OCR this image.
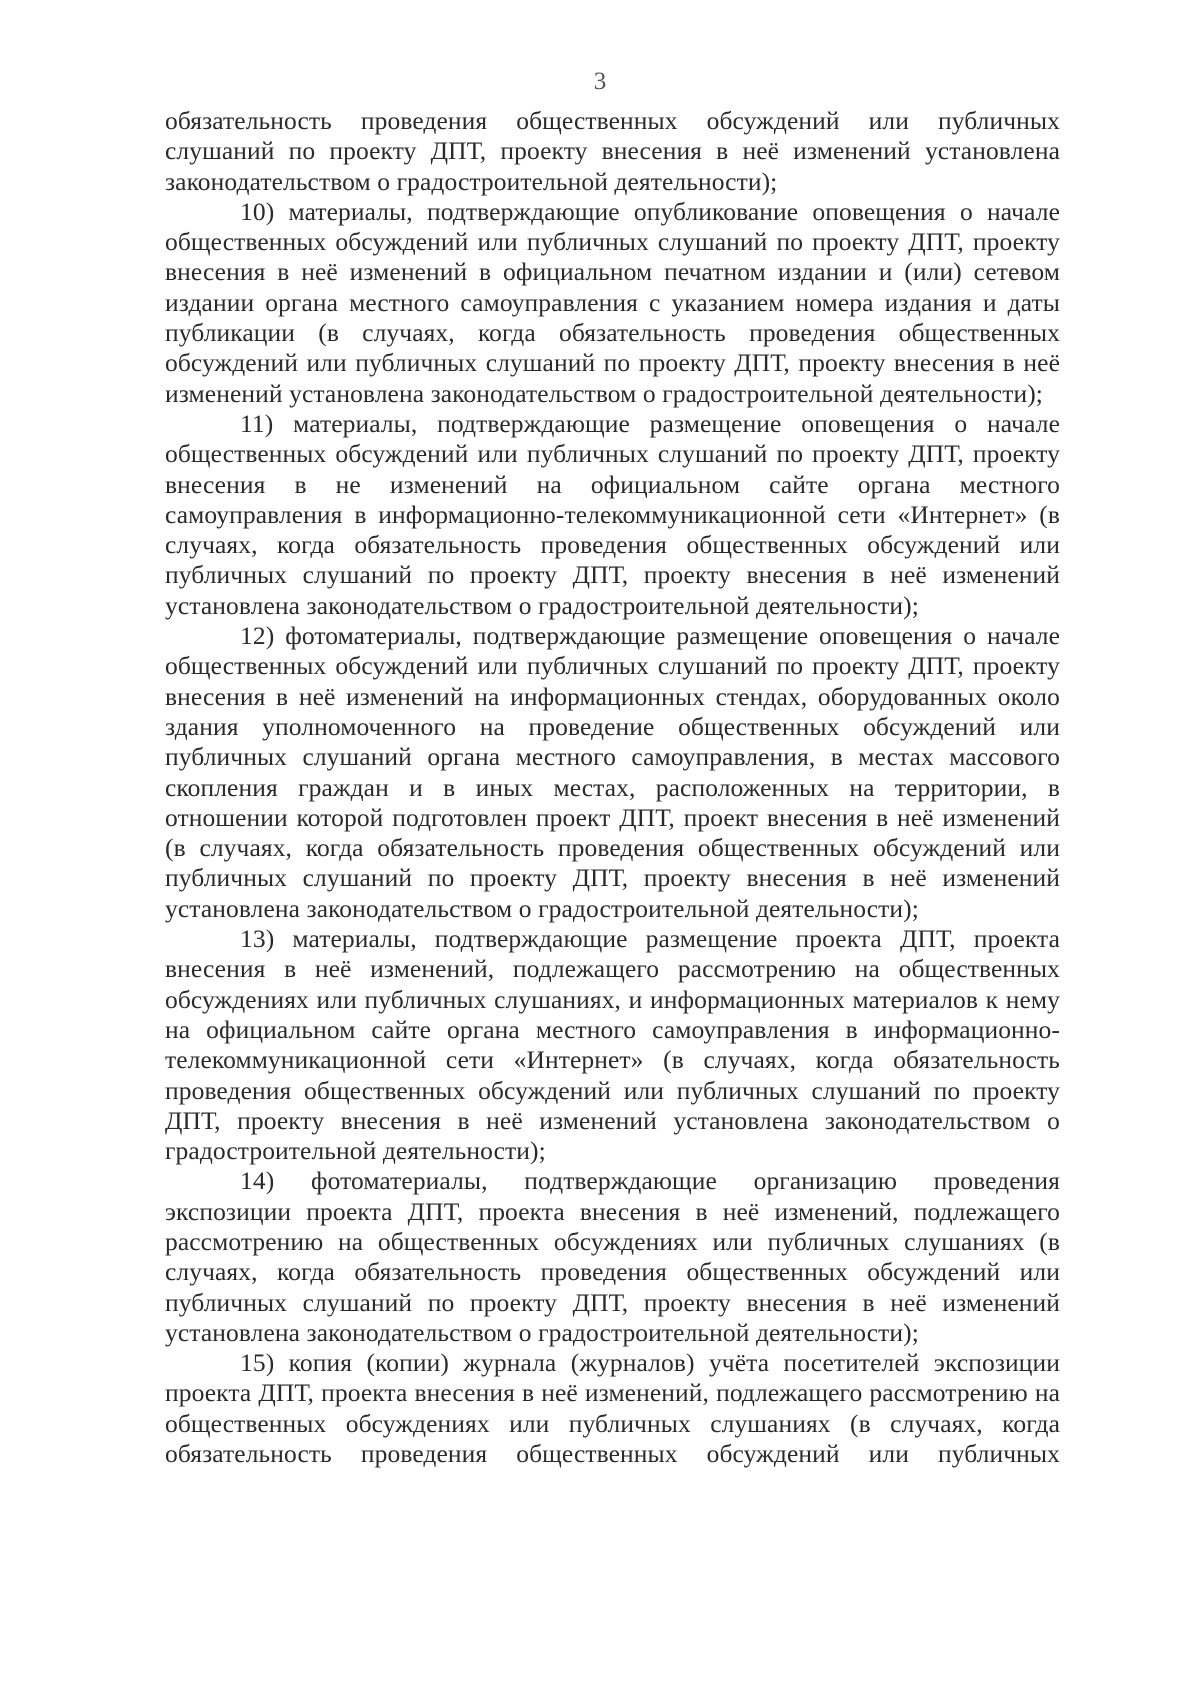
3

обязательность проведения общественных обсуждений или публичных слушаний по проекту ДПТ, проекту внесения в неё изменений установлена законодательством о градостроительной деятельности);

10) материалы, подтверждающие опубликование оповещения о начале общественных обсуждений или публичных слушаний по проекту ДПТ, проекту внесения в неё изменений в официальном печатном издании и (или) сетевом издании органа местного самоуправления с указанием номера издания и даты публикации (в случаях, когда обязательность проведения общественных обсуждений или публичных слушаний по проекту ДПТ, проекту внесения в неё изменений установлена законодательством о градостроительной деятельности);

11) материалы, подтверждающие размещение оповещения о начале общественных обсуждений или публичных слушаний по проекту ДПТ, проекту внесения в не изменений на официальном сайте органа местного самоуправления в информационно-телекоммуникационной сети «Интернет» (в случаях, когда обязательность проведения общественных обсуждений или публичных слушаний по проекту ДПТ, проекту внесения в неё изменений установлена законодательством о градостроительной деятельности);

12) фотоматериалы, подтверждающие размещение оповещения о начале общественных обсуждений или публичных слушаний по проекту ДПТ, проекту внесения в неё изменений на информационных стендах, оборудованных около здания уполномоченного на проведение общественных обсуждений или публичных слушаний органа местного самоуправления, в местах массового скопления граждан и в иных местах, расположенных на территории, в отношении которой подготовлен проект ДПТ, проект внесения в неё изменений (в случаях, когда обязательность проведения общественных обсуждений или публичных слушаний по проекту ДПТ, проекту внесения в неё изменений установлена законодательством о градостроительной деятельности);

13) материалы, подтверждающие размещение проекта ДПТ, проекта внесения в неё изменений, подлежащего рассмотрению на общественных обсуждениях или публичных слушаниях, и информационных материалов к нему на официальном сайте органа местного самоуправления в информационно-телекоммуникационной сети «Интернет» (в случаях, когда обязательность проведения общественных обсуждений или публичных слушаний по проекту ДПТ, проекту внесения в неё изменений установлена законодательством о градостроительной деятельности);

14) фотоматериалы, подтверждающие организацию проведения экспозиции проекта ДПТ, проекта внесения в неё изменений, подлежащего рассмотрению на общественных обсуждениях или публичных слушаниях (в случаях, когда обязательность проведения общественных обсуждений или публичных слушаний по проекту ДПТ, проекту внесения в неё изменений установлена законодательством о градостроительной деятельности);

15) копия (копии) журнала (журналов) учёта посетителей экспозиции проекта ДПТ, проекта внесения в неё изменений, подлежащего рассмотрению на общественных обсуждениях или публичных слушаниях (в случаях, когда обязательность проведения общественных обсуждений или публичных
